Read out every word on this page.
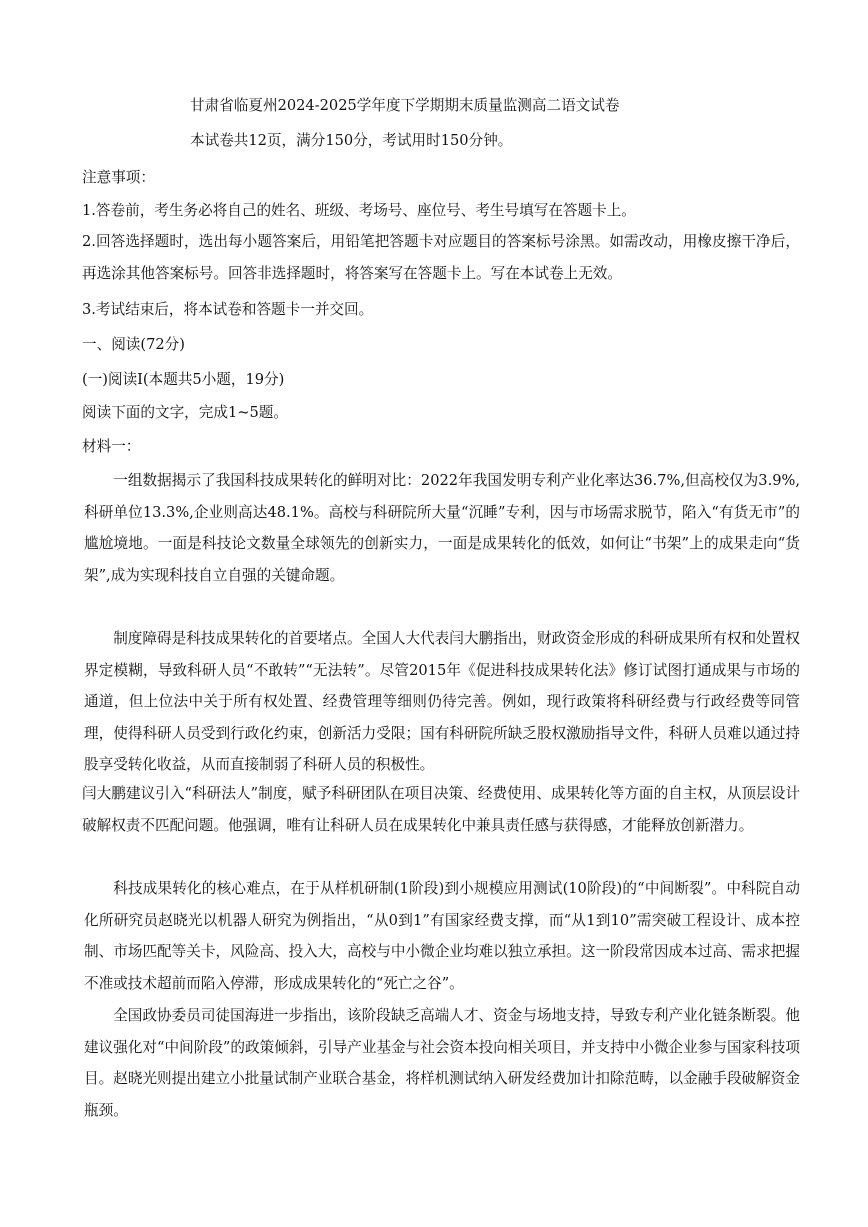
甘肃省临夏州2024-2025学年度下学期期末质量监测高二语文试卷
本试卷共12页，满分150分，考试用时150分钟。
注意事项：
1.答卷前，考生务必将自己的姓名、班级、考场号、座位号、考生号填写在答题卡上。

2.回答选择题时，选出每小题答案后，用铅笔把答题卡对应题目的答案标号涂黑。如需改动，用橡皮擦干净后，再选涂其他答案标号。回答非选择题时，将答案写在答题卡上。写在本试卷上无效。

3.考试结束后，将本试卷和答题卡一并交回。
一、阅读(72分)
(一)阅读I(本题共5小题，19分)
阅读下面的文字，完成1~5题。
材料一：

一组数据揭示了我国科技成果转化的鲜明对比：2022年我国发明专利产业化率达36.7%,但高校仅为3.9%,科研单位13.3%,企业则高达48.1%。高校与科研院所大量“沉睡”专利，因与市场需求脱节，陷入“有货无市”的尴尬境地。一面是科技论文数量全球领先的创新实力，一面是成果转化的低效，如何让“书架”上的成果走向“货架”,成为实现科技自立自强的关键命题。

制度障碍是科技成果转化的首要堵点。全国人大代表闫大鹏指出，财政资金形成的科研成果所有权和处置权界定模糊，导致科研人员“不敢转”“无法转”。尽管2015年《促进科技成果转化法》修订试图打通成果与市场的通道，但上位法中关于所有权处置、经费管理等细则仍待完善。例如，现行政策将科研经费与行政经费等同管理，使得科研人员受到行政化约束，创新活力受限；国有科研院所缺乏股权激励指导文件，科研人员难以通过持股享受转化收益，从而直接制弱了科研人员的积极性。

闫大鹏建议引入“科研法人”制度，赋予科研团队在项目决策、经费使用、成果转化等方面的自主权，从顶层设计破解权责不匹配问题。他强调，唯有让科研人员在成果转化中兼具责任感与获得感，才能释放创新潜力。

科技成果转化的核心难点，在于从样机研制(1阶段)到小规模应用测试(10阶段)的“中间断裂”。中科院自动化所研究员赵晓光以机器人研究为例指出，“从0到1”有国家经费支撑，而“从1到10”需突破工程设计、成本控制、市场匹配等关卡，风险高、投入大，高校与中小微企业均难以独立承担。这一阶段常因成本过高、需求把握不准或技术超前而陷入停滞，形成成果转化的“死亡之谷”。

全国政协委员司徒国海进一步指出，该阶段缺乏高端人才、资金与场地支持，导致专利产业化链条断裂。他建议强化对“中间阶段”的政策倾斜，引导产业基金与社会资本投向相关项目，并支持中小微企业参与国家科技项目。赵晓光则提出建立小批量试制产业联合基金，将样机测试纳入研发经费加计扣除范畴，以金融手段破解资金瓶颈。
